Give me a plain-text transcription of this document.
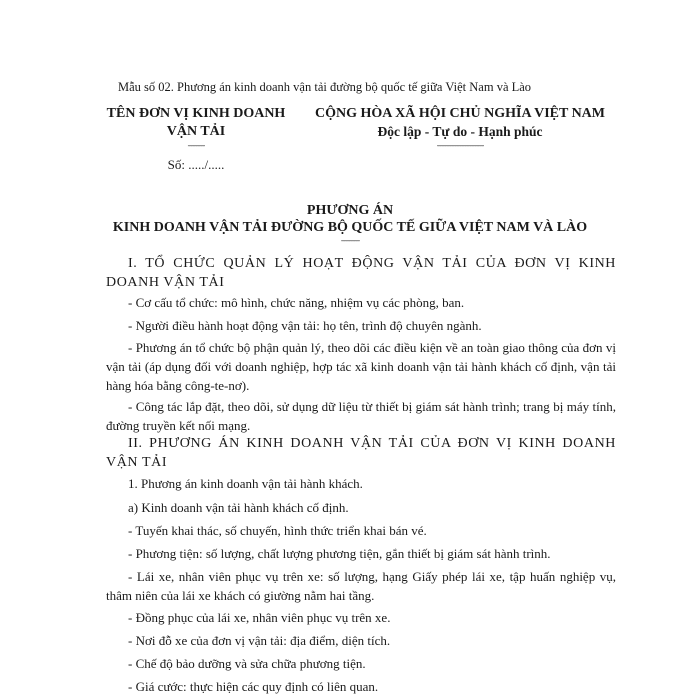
Mẫu số 02. Phương án kinh doanh vận tải đường bộ quốc tế giữa Việt Nam và Lào
TÊN ĐƠN VỊ KINH DOANH
VẬN TẢI
----------
Số: ...../.....
CỘNG HÒA XÃ HỘI CHỦ NGHĨA VIỆT NAM
Độc lập - Tự do - Hạnh phúc
----------------------------
PHƯƠNG ÁN
KINH DOANH VẬN TẢI ĐƯỜNG BỘ QUỐC TẾ GIỮA VIỆT NAM VÀ LÀO
-----------
I. TỔ CHỨC QUẢN LÝ HOẠT ĐỘNG VẬN TẢI CỦA ĐƠN VỊ KINH DOANH VẬN TẢI
- Cơ cấu tổ chức: mô hình, chức năng, nhiệm vụ các phòng, ban.
- Người điều hành hoạt động vận tải: họ tên, trình độ chuyên ngành.
- Phương án tổ chức bộ phận quản lý, theo dõi các điều kiện về an toàn giao thông của đơn vị vận tải (áp dụng đối với doanh nghiệp, hợp tác xã kinh doanh vận tải hành khách cố định, vận tải hàng hóa bằng công-te-nơ).
- Công tác lắp đặt, theo dõi, sử dụng dữ liệu từ thiết bị giám sát hành trình; trang bị máy tính, đường truyền kết nối mạng.
II. PHƯƠNG ÁN KINH DOANH VẬN TẢI CỦA ĐƠN VỊ KINH DOANH VẬN TẢI
1. Phương án kinh doanh vận tải hành khách.
a) Kinh doanh vận tải hành khách cố định.
- Tuyến khai thác, số chuyến, hình thức triển khai bán vé.
- Phương tiện: số lượng, chất lượng phương tiện, gắn thiết bị giám sát hành trình.
- Lái xe, nhân viên phục vụ trên xe: số lượng, hạng Giấy phép lái xe, tập huấn nghiệp vụ, thâm niên của lái xe khách có giường nằm hai tầng.
- Đồng phục của lái xe, nhân viên phục vụ trên xe.
- Nơi đỗ xe của đơn vị vận tải: địa điểm, diện tích.
- Chế độ bảo dưỡng và sửa chữa phương tiện.
- Giá cước: thực hiện các quy định có liên quan.
